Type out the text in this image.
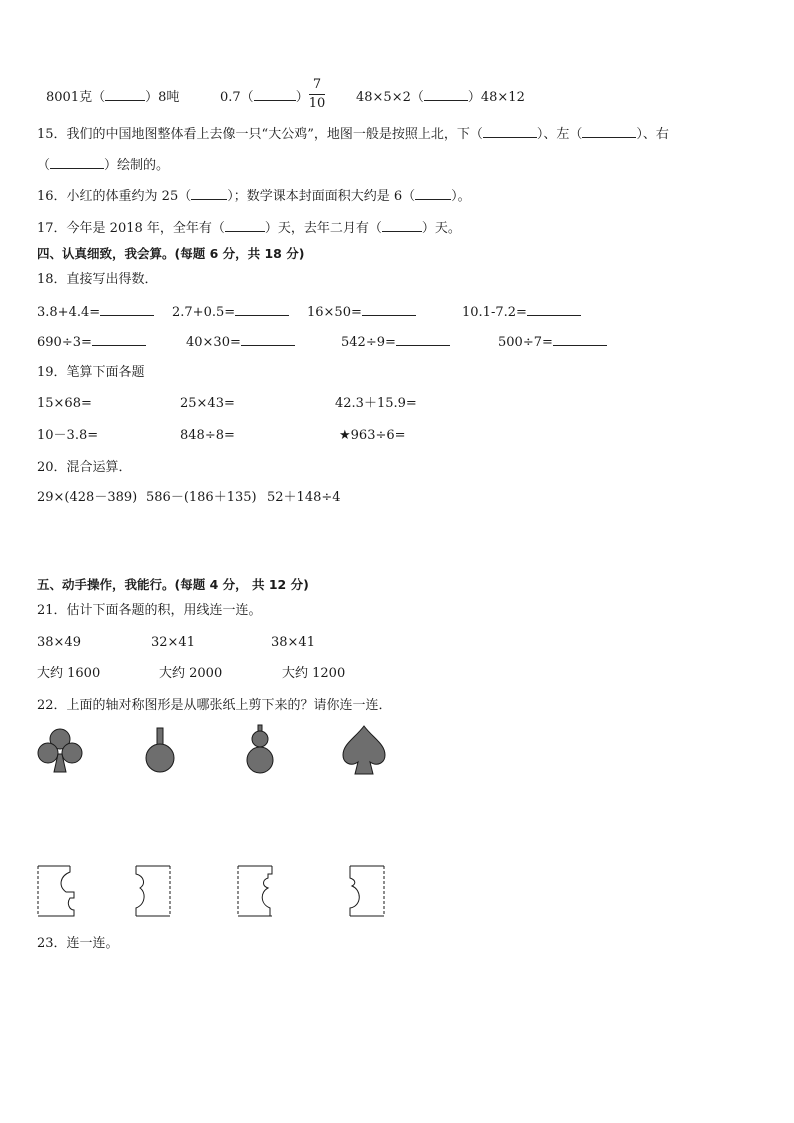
8001克（	）8吨	0.7（	）
7
10 48×5×2（	）48×12
15．我们的中国地图整体看上去像一只“大公鸡”，地图一般是按照上北，下（	）、左（	）、右
（	）绘制的。
16．小红的体重约为 25（	）；数学课本封面面积大约是 6（	）。
17．今年是 2018 年，全年有（	）天，去年二月有（	）天。
四、认真细致，我会算。(每题 6 分，共 18 分)
18．直接写出得数．
3.8+4.4=	2.7+0.5=	16×50=	10.1-7.2=
690÷3=	40×30=	542÷9=	500÷7=
19．笔算下面各题
15×68=	25×43=	42.3＋15.9=
10－3.8=	848÷8=	★963÷6=
20．混合运算．
29×(428－389) 586－(186＋135) 52＋148÷4
五、动手操作，我能行。(每题 4 分， 共 12 分)
21．估计下面各题的积，用线连一连。
38×49	32×41	38×41
大约 1600	大约 2000	大约 1200
22．上面的轴对称图形是从哪张纸上剪下来的？请你连一连．
23．连一连。
